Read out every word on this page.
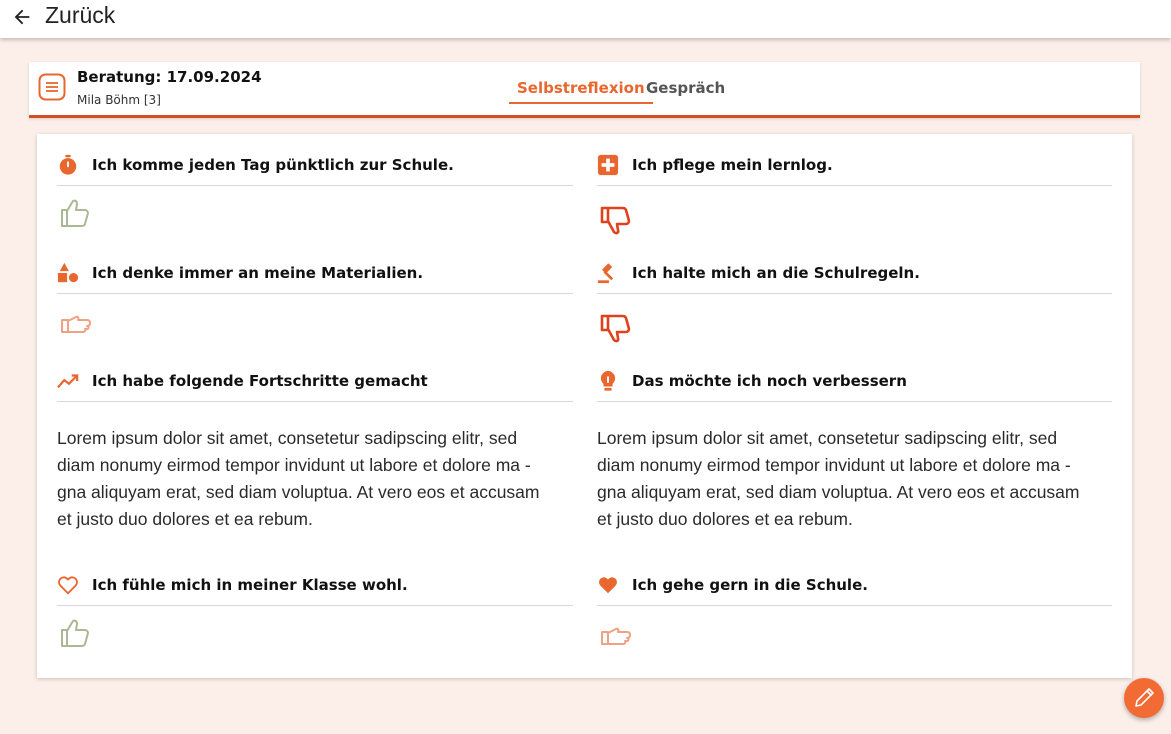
Zurück
Beratung: 17.09.2024
Mila Böhm [3]
Selbstreflexion Gespräch
Ich komme jeden Tag pünktlich zur Schule.	Ich pflege mein lernlog.
Ich denke immer an meine Materialien.	Ich halte mich an die Schulregeln.
Ich habe folgende Fortschritte gemacht
Lorem ipsum dolor sit amet, consetetur sadipscing elitr, sed diam nonumy eirmod tempor invidunt ut labore et dolore ma ‑ gna aliquyam erat, sed diam voluptua. At vero eos et accusam et justo duo dolores et ea rebum.
Das möchte ich noch verbessern
Lorem ipsum dolor sit amet, consetetur sadipscing elitr, sed diam nonumy eirmod tempor invidunt ut labore et dolore ma ‑ gna aliquyam erat, sed diam voluptua. At vero eos et accusam et justo duo dolores et ea rebum.
Ich fühle mich in meiner Klasse wohl.	Ich gehe gern in die Schule.
